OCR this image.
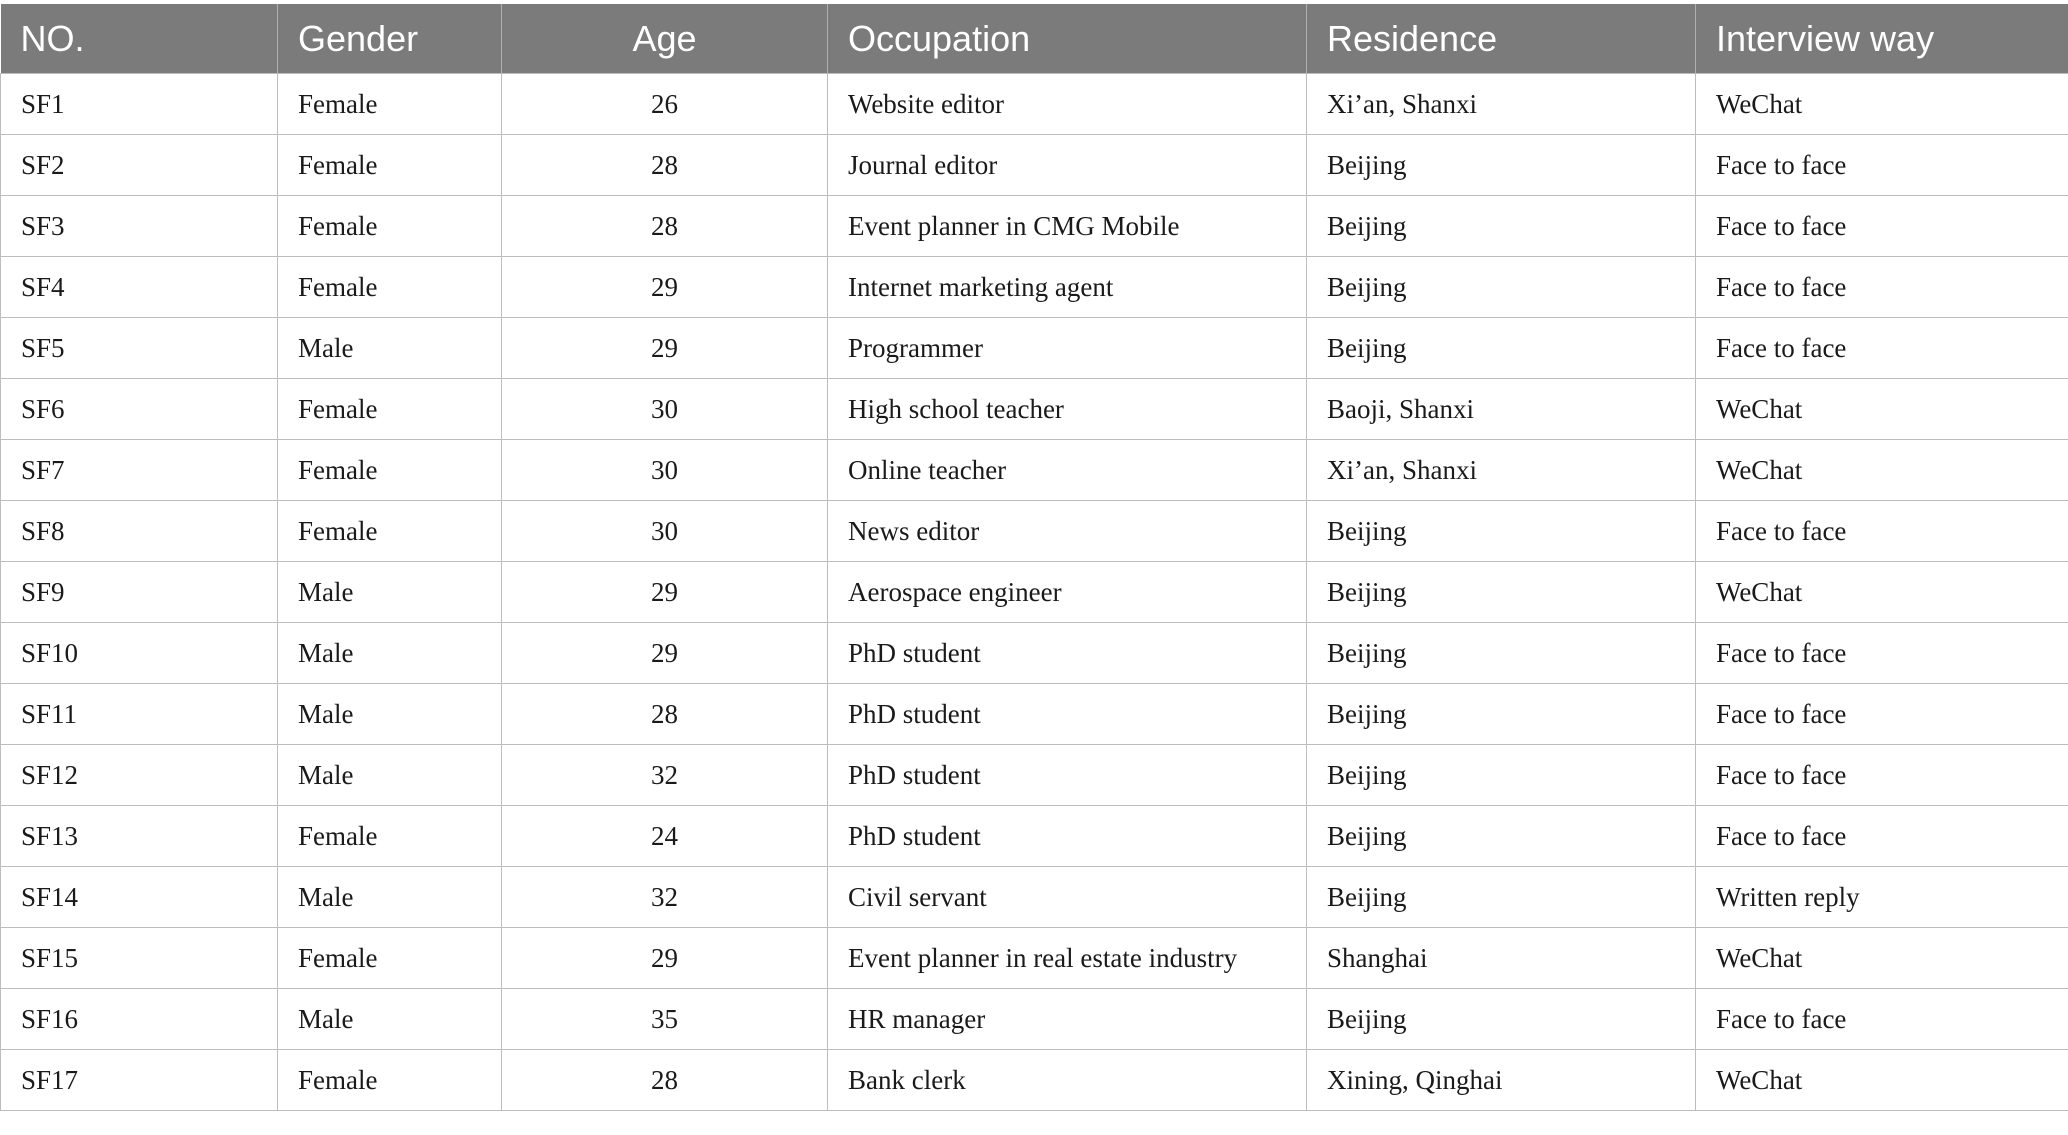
NO.	Gender	Age	Occupation	Residence	Interview way
SF1	Female	26	Website editor	Xi’an, Shanxi	WeChat
SF2	Female	28	Journal editor	Beijing	Face to face
SF3	Female	28	Event planner in CMG Mobile	Beijing	Face to face
SF4	Female	29	Internet marketing agent	Beijing	Face to face
SF5	Male	29	Programmer	Beijing	Face to face
SF6	Female	30	High school teacher	Baoji, Shanxi	WeChat
SF7	Female	30	Online teacher	Xi’an, Shanxi	WeChat
SF8	Female	30	News editor	Beijing	Face to face
SF9	Male	29	Aerospace engineer	Beijing	WeChat
SF10	Male	29	PhD student	Beijing	Face to face
SF11	Male	28	PhD student	Beijing	Face to face
SF12	Male	32	PhD student	Beijing	Face to face
SF13	Female	24	PhD student	Beijing	Face to face
SF14	Male	32	Civil servant	Beijing	Written reply
SF15	Female	29	Event planner in real estate industry	Shanghai	WeChat
SF16	Male	35	HR manager	Beijing	Face to face
SF17	Female	28	Bank clerk	Xining, Qinghai	WeChat
